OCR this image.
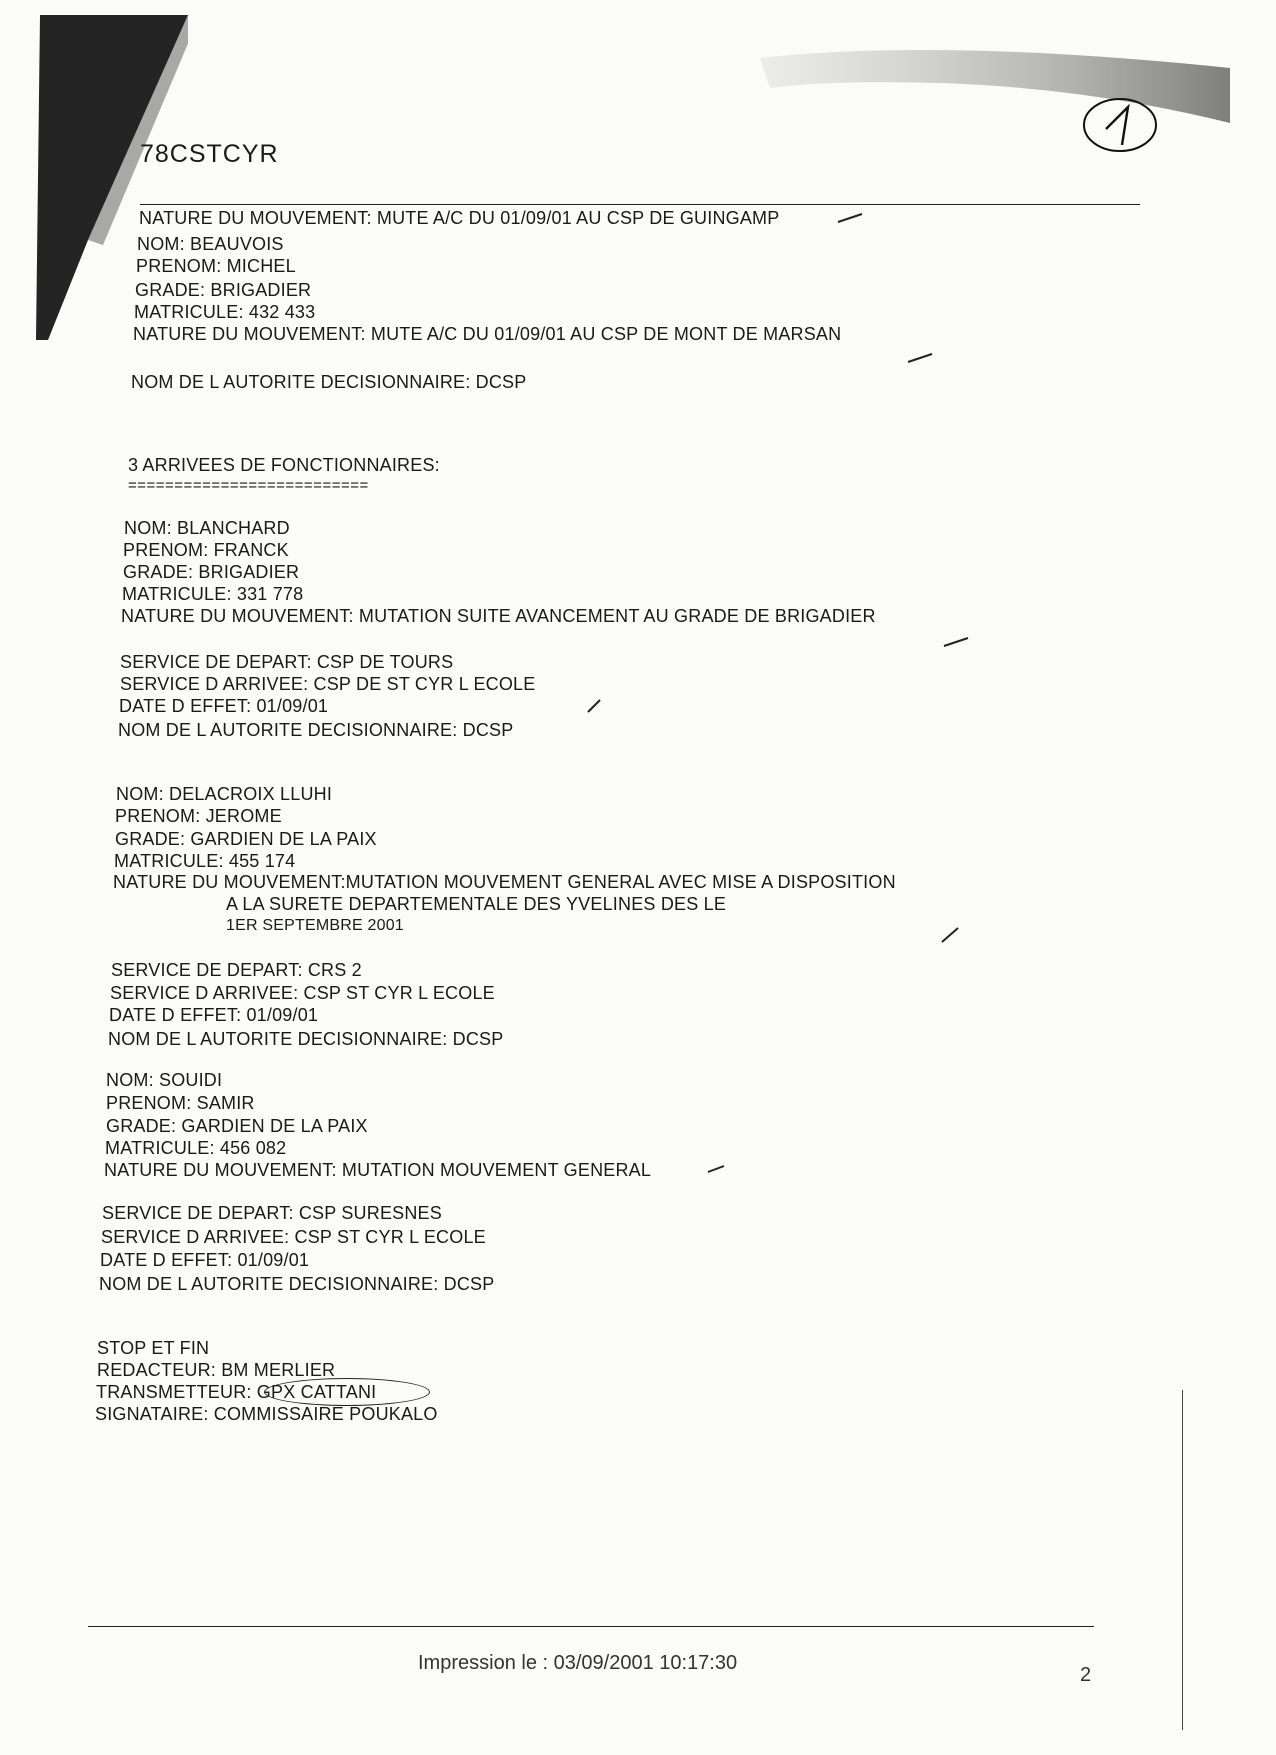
78CSTCYR
NATURE DU MOUVEMENT: MUTE A/C DU 01/09/01 AU CSP DE GUINGAMP
NOM: BEAUVOIS
PRENOM: MICHEL
GRADE: BRIGADIER
MATRICULE: 432 433
NATURE DU MOUVEMENT: MUTE A/C DU 01/09/01 AU CSP DE MONT DE MARSAN
NOM DE L AUTORITE DECISIONNAIRE: DCSP
3 ARRIVEES DE FONCTIONNAIRES:
==========================
NOM: BLANCHARD
PRENOM: FRANCK
GRADE: BRIGADIER
MATRICULE: 331 778
NATURE DU MOUVEMENT: MUTATION SUITE AVANCEMENT AU GRADE DE BRIGADIER
SERVICE DE DEPART: CSP DE TOURS
SERVICE D ARRIVEE: CSP DE ST CYR L ECOLE
DATE D EFFET: 01/09/01
NOM DE L AUTORITE DECISIONNAIRE: DCSP
NOM: DELACROIX LLUHI
PRENOM: JEROME
GRADE: GARDIEN DE LA PAIX
MATRICULE: 455 174
NATURE DU MOUVEMENT:MUTATION MOUVEMENT GENERAL AVEC MISE A DISPOSITION
A LA SURETE DEPARTEMENTALE DES YVELINES DES LE
1ER SEPTEMBRE 2001
SERVICE DE DEPART: CRS 2
SERVICE D ARRIVEE: CSP ST CYR L ECOLE
DATE D EFFET: 01/09/01
NOM DE L AUTORITE DECISIONNAIRE: DCSP
NOM: SOUIDI
PRENOM: SAMIR
GRADE: GARDIEN DE LA PAIX
MATRICULE: 456 082
NATURE DU MOUVEMENT: MUTATION MOUVEMENT GENERAL
SERVICE DE DEPART: CSP SURESNES
SERVICE D ARRIVEE: CSP ST CYR L ECOLE
DATE D EFFET: 01/09/01
NOM DE L AUTORITE DECISIONNAIRE: DCSP
STOP ET FIN
REDACTEUR: BM MERLIER
TRANSMETTEUR: GPX CATTANI
SIGNATAIRE: COMMISSAIRE POUKALO
Impression le : 03/09/2001 10:17:30
2
